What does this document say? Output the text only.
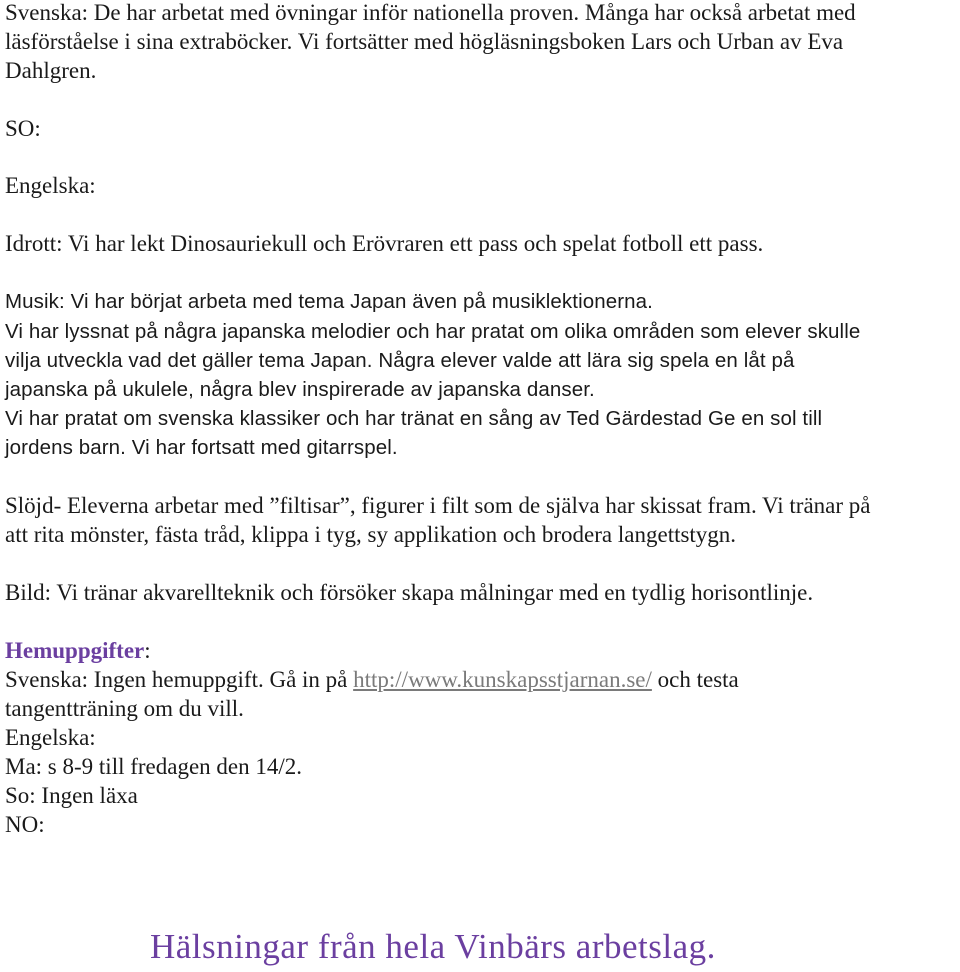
Svenska: De har arbetat med övningar inför nationella proven. Många har också arbetat med
läsförståelse i sina extraböcker. Vi fortsätter med högläsningsboken Lars och Urban av Eva
Dahlgren.
SO:
Engelska:
Idrott: Vi har lekt Dinosauriekull och Erövraren ett pass och spelat fotboll ett pass.
Musik: Vi har börjat arbeta med tema Japan även på musiklektionerna.
Vi har lyssnat på några japanska melodier och har pratat om olika områden som elever skulle
vilja utveckla vad det gäller tema Japan. Några elever valde att lära sig spela en låt på
japanska på ukulele, några blev inspirerade av japanska danser.
Vi har pratat om svenska klassiker och har tränat en sång av Ted Gärdestad Ge en sol till
jordens barn. Vi har fortsatt med gitarrspel.
Slöjd- Eleverna arbetar med ”filtisar”, figurer i filt som de själva har skissat fram. Vi tränar på
att rita mönster, fästa tråd, klippa i tyg, sy applikation och brodera langettstygn.
Bild: Vi tränar akvarellteknik och försöker skapa målningar med en tydlig horisontlinje.
Hemuppgifter:
Svenska: Ingen hemuppgift. Gå in på http://www.kunskapsstjarnan.se/ och testa
tangentträning om du vill.
Engelska:
Ma: s 8-9 till fredagen den 14/2.
So: Ingen läxa
NO:
Hälsningar från hela Vinbärs arbetslag.
